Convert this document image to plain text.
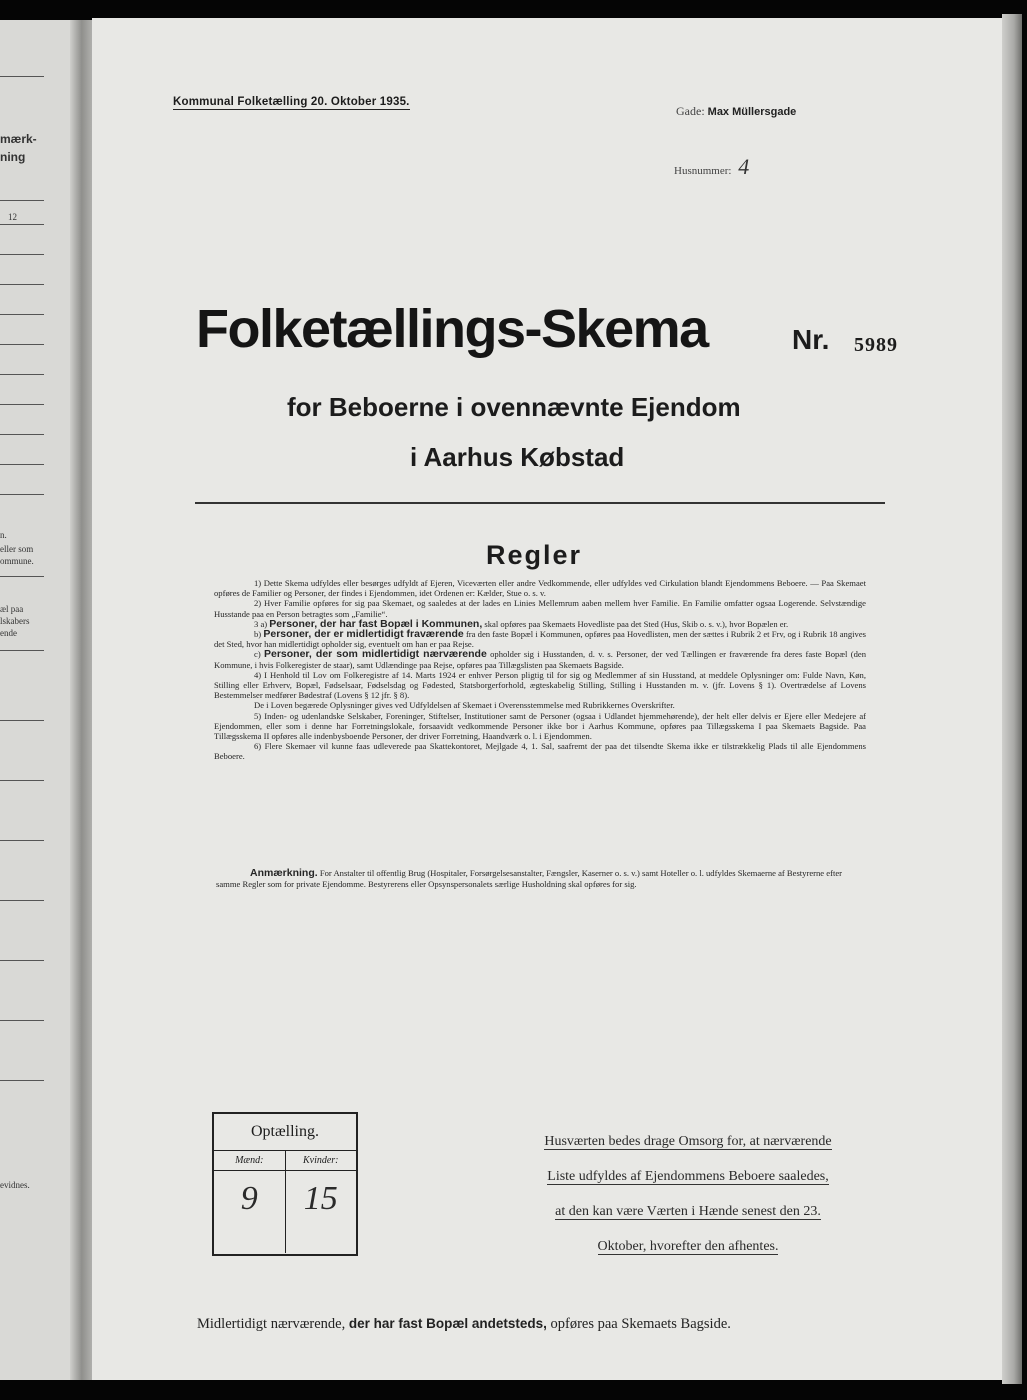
mærk-
ning
12
n.
eller som
ommune.
æl paa
lskabers
ende
evidnes.
Kommunal Folketælling 20. Oktober 1935.
Gade: Max Müllersgade
Husnummer: 4
Folketællings-Skema	Nr. 5989
for Beboerne i ovennævnte Ejendom
i Aarhus Købstad
Regler

1) Dette Skema udfyldes eller besørges udfyldt af Ejeren, Viceværten eller andre Vedkommende, eller udfyldes ved Cirkulation blandt Ejendommens Beboere. — Paa Skemaet opføres de Familier og Personer, der findes i Ejendommen, idet Ordenen er: Kælder, Stue o. s. v.

2) Hver Familie opføres for sig paa Skemaet, og saaledes at der lades en Linies Mellemrum aaben mellem hver Familie. En Familie omfatter ogsaa Logerende. Selvstændige Husstande paa en Person betragtes som „Familie“.

3 a) Personer, der har fast Bopæl i Kommunen, skal opføres paa Skemaets Hovedliste paa det Sted (Hus, Skib o. s. v.), hvor Bopælen er.

b) Personer, der er midlertidigt fraværende fra den faste Bopæl i Kommunen, opføres paa Hovedlisten, men der sættes i Rubrik 2 et Frv, og i Rubrik 18 angives det Sted, hvor han midlertidigt opholder sig, eventuelt om han er paa Rejse.

c) Personer, der som midlertidigt nærværende opholder sig i Husstanden, d. v. s. Personer, der ved Tællingen er fraværende fra deres faste Bopæl (den Kommune, i hvis Folkeregister de staar), samt Udlændinge paa Rejse, opføres paa Tillægslisten paa Skemaets Bagside.

4) I Henhold til Lov om Folkeregistre af 14. Marts 1924 er enhver Person pligtig til for sig og Medlemmer af sin Husstand, at meddele Oplysninger om: Fulde Navn, Køn, Stilling eller Erhverv, Bopæl, Fødselsaar, Fødselsdag og Fødested, Statsborgerforhold, ægteskabelig Stilling, Stilling i Husstanden m. v. (jfr. Lovens § 1). Overtrædelse af Lovens Bestemmelser medfører Bødestraf (Lovens § 12 jfr. § 8).

De i Loven begærede Oplysninger gives ved Udfyldelsen af Skemaet i Overensstemmelse med Rubrikkernes Overskrifter.

5) Inden- og udenlandske Selskaber, Foreninger, Stiftelser, Institutioner samt de Personer (ogsaa i Udlandet hjemmehørende), der helt eller delvis er Ejere eller Medejere af Ejendommen, eller som i denne har Forretningslokale, forsaavidt vedkommende Personer ikke bor i Aarhus Kommune, opføres paa Tillægsskema I paa Skemaets Bagside. Paa Tillægsskema II opføres alle indenbysboende Personer, der driver Forretning, Haandværk o. l. i Ejendommen.

6) Flere Skemaer vil kunne faas udleverede paa Skattekontoret, Mejlgade 4, 1. Sal, saafremt der paa det tilsendte Skema ikke er tilstrækkelig Plads til alle Ejendommens Beboere.

Anmærkning. For Anstalter til offentlig Brug (Hospitaler, Forsørgelsesanstalter, Fængsler, Kaserner o. s. v.) samt Hoteller o. l. udfyldes Skemaerne af Bestyrerne efter samme Regler som for private Ejendomme. Bestyrerens eller Opsynspersonalets særlige Husholdning skal opføres for sig.
Optælling.
Mænd:
9
Kvinder:
15
Husværten bedes drage Omsorg for, at nærværende
Liste udfyldes af Ejendommens Beboere saaledes,
at den kan være Værten i Hænde senest den 23.
Oktober, hvorefter den afhentes.
Midlertidigt nærværende, der har fast Bopæl andetsteds, opføres paa Skemaets Bagside.
